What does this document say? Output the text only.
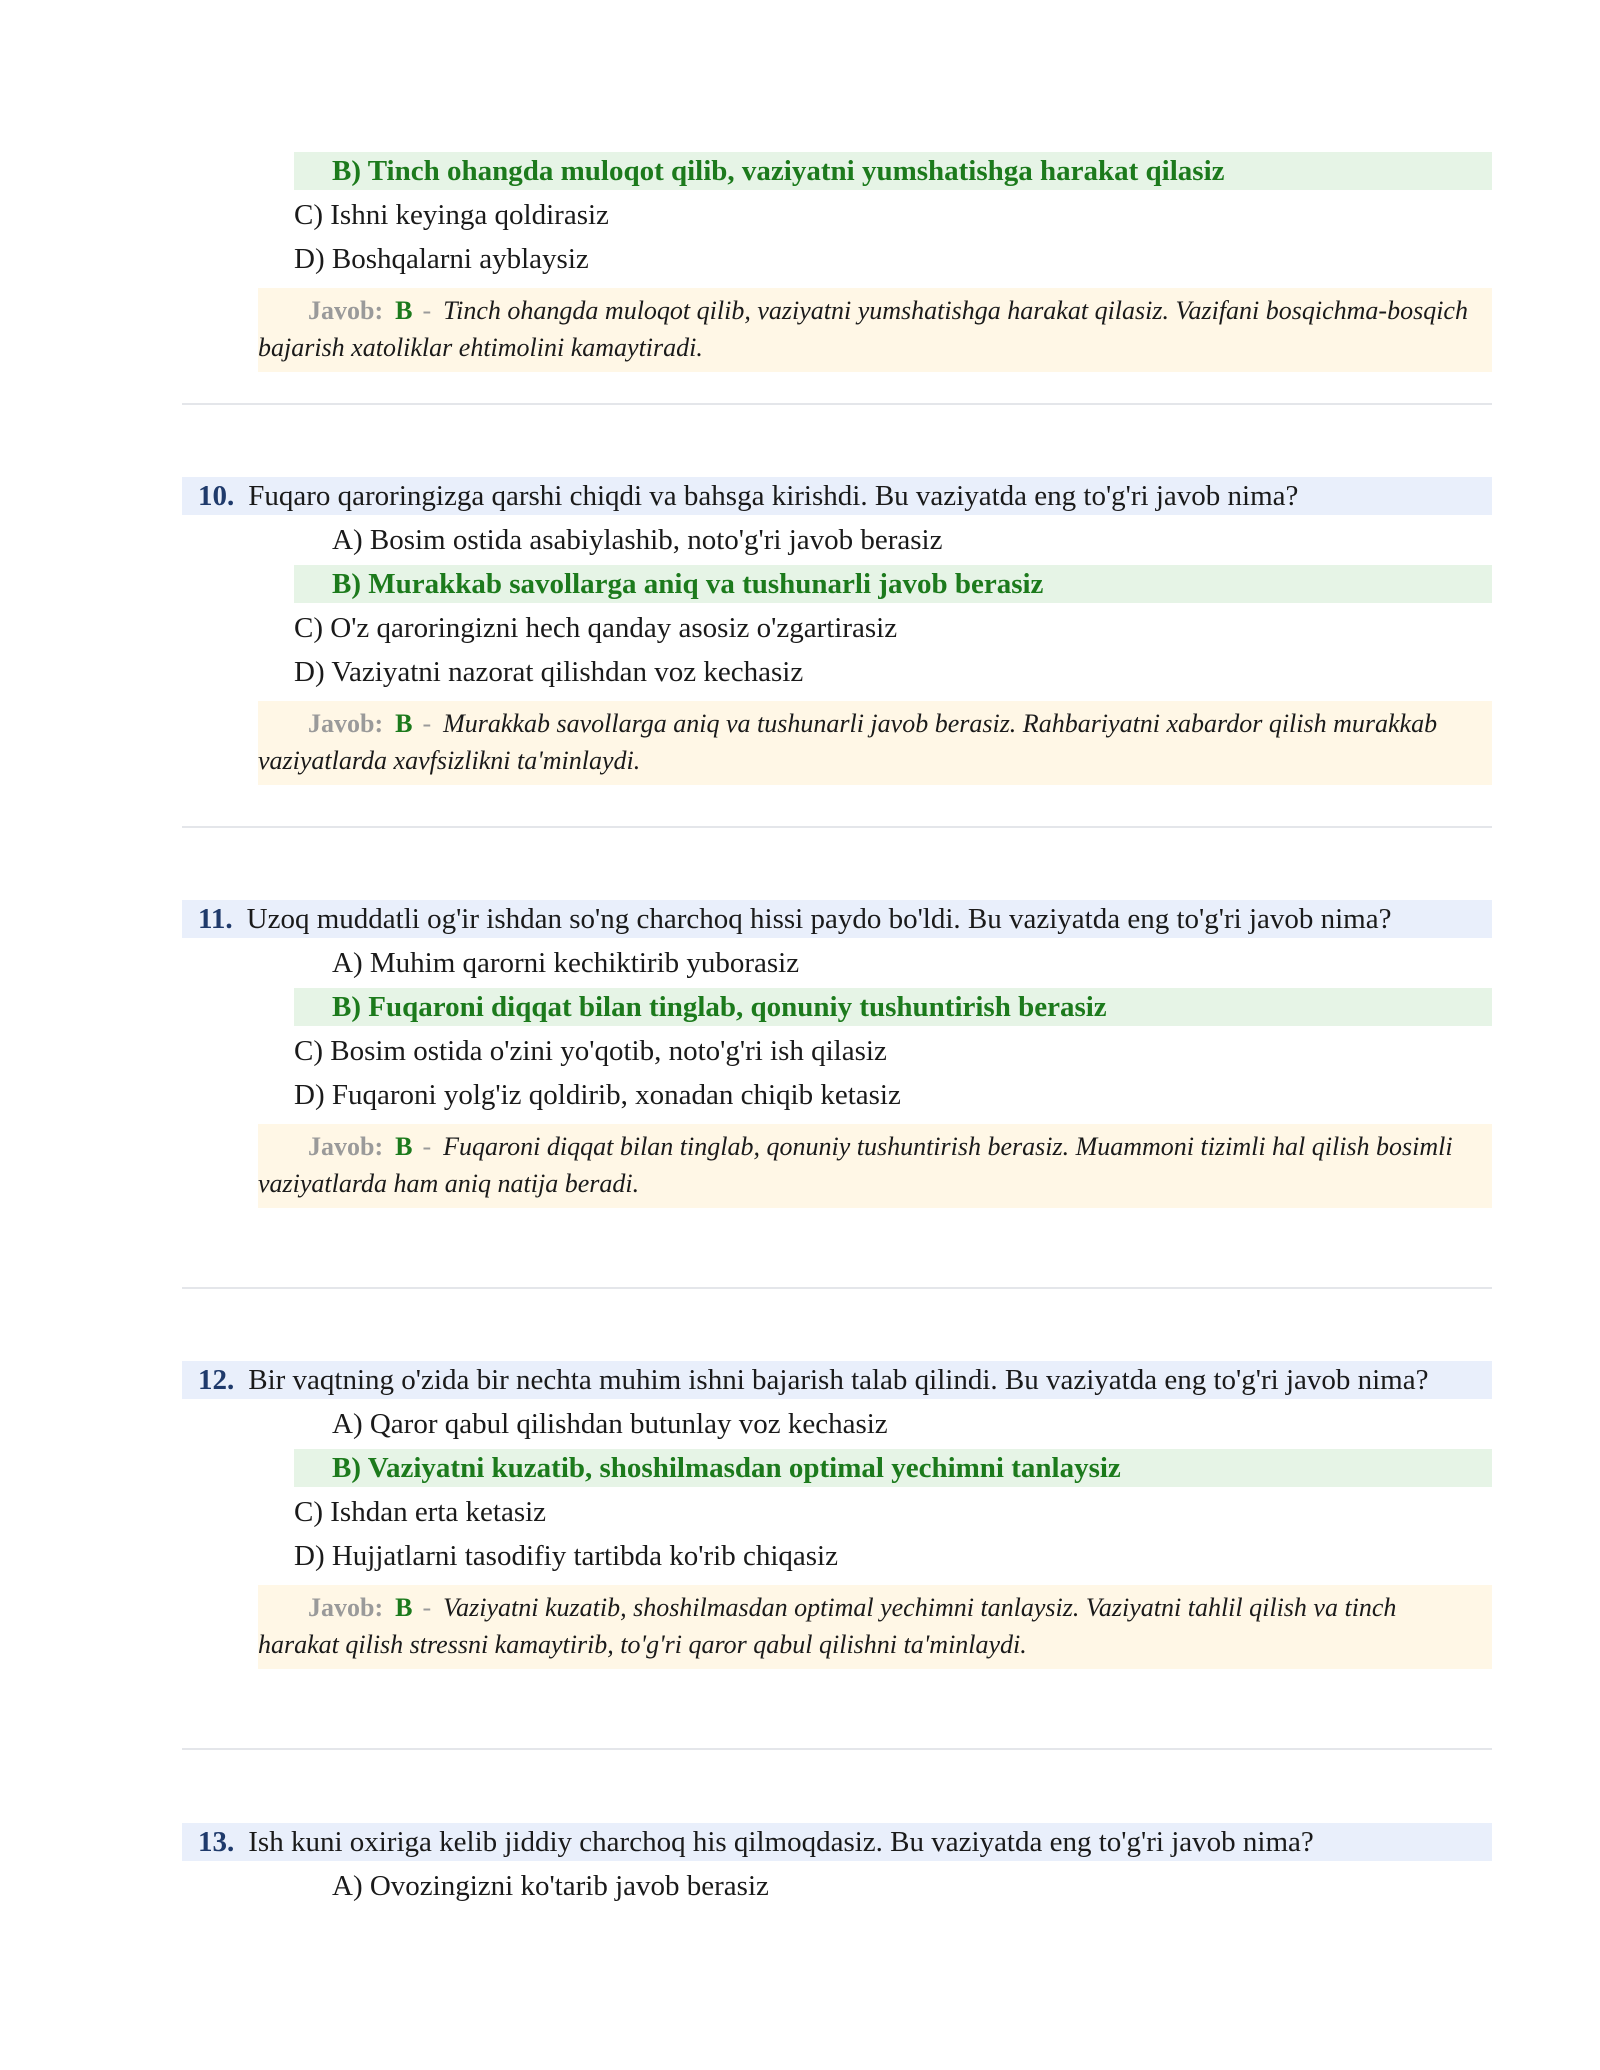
B) Tinch ohangda muloqot qilib, vaziyatni yumshatishga harakat qilasiz
C) Ishni keyinga qoldirasiz
D) Boshqalarni ayblaysiz
Javob: B - Tinch ohangda muloqot qilib, vaziyatni yumshatishga harakat qilasiz. Vazifani bosqichma-bosqich bajarish xatoliklar ehtimolini kamaytiradi.
10. Fuqaro qaroringizga qarshi chiqdi va bahsga kirishdi. Bu vaziyatda eng to'g'ri javob nima?
A) Bosim ostida asabiylashib, noto'g'ri javob berasiz
B) Murakkab savollarga aniq va tushunarli javob berasiz
C) O'z qaroringizni hech qanday asosiz o'zgartirasiz
D) Vaziyatni nazorat qilishdan voz kechasiz
Javob: B - Murakkab savollarga aniq va tushunarli javob berasiz. Rahbariyatni xabardor qilish murakkab vaziyatlarda xavfsizlikni ta'minlaydi.
11. Uzoq muddatli og'ir ishdan so'ng charchoq hissi paydo bo'ldi. Bu vaziyatda eng to'g'ri javob nima?
A) Muhim qarorni kechiktirib yuborasiz
B) Fuqaroni diqqat bilan tinglab, qonuniy tushuntirish berasiz
C) Bosim ostida o'zini yo'qotib, noto'g'ri ish qilasiz
D) Fuqaroni yolg'iz qoldirib, xonadan chiqib ketasiz
Javob: B - Fuqaroni diqqat bilan tinglab, qonuniy tushuntirish berasiz. Muammoni tizimli hal qilish bosimli vaziyatlarda ham aniq natija beradi.
12. Bir vaqtning o'zida bir nechta muhim ishni bajarish talab qilindi. Bu vaziyatda eng to'g'ri javob nima?
A) Qaror qabul qilishdan butunlay voz kechasiz
B) Vaziyatni kuzatib, shoshilmasdan optimal yechimni tanlaysiz
C) Ishdan erta ketasiz
D) Hujjatlarni tasodifiy tartibda ko'rib chiqasiz
Javob: B - Vaziyatni kuzatib, shoshilmasdan optimal yechimni tanlaysiz. Vaziyatni tahlil qilish va tinch harakat qilish stressni kamaytirib, to'g'ri qaror qabul qilishni ta'minlaydi.
13. Ish kuni oxiriga kelib jiddiy charchoq his qilmoqdasiz. Bu vaziyatda eng to'g'ri javob nima?
A) Ovozingizni ko'tarib javob berasiz
